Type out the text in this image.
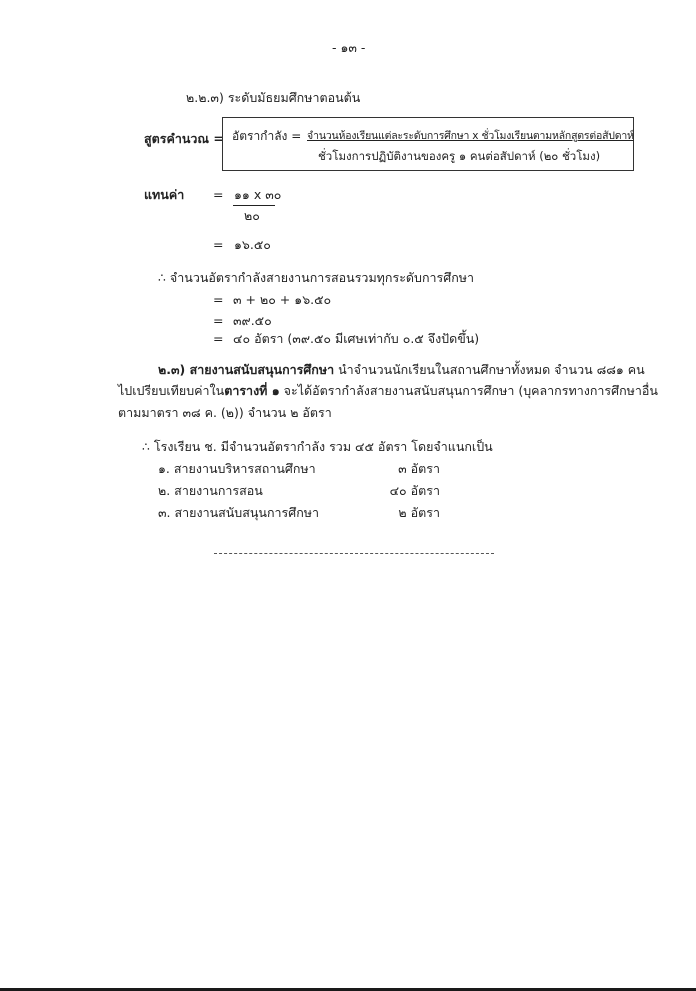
- ๑๓ -
๒.๒.๓) ระดับมัธยมศึกษาตอนต้น
สูตรคำนวณ = อัตรากำลัง = จำนวนห้องเรียนแต่ละระดับการศึกษา x ชั่วโมงเรียนตามหลักสูตรต่อสัปดาห์
ชั่วโมงการปฏิบัติงานของครู ๑ คนต่อสัปดาห์ (๒๐ ชั่วโมง)
แทนค่า = ๑๑ x ๓๐
๒๐
= ๑๖.๕๐
∴ จำนวนอัตรากำลังสายงานการสอนรวมทุกระดับการศึกษา
= ๓ + ๒๐ + ๑๖.๕๐
= ๓๙.๕๐
= ๔๐ อัตรา (๓๙.๕๐ มีเศษเท่ากับ ๐.๕ จึงปัดขึ้น)
๒.๓) สายงานสนับสนุนการศึกษา นำจำนวนนักเรียนในสถานศึกษาทั้งหมด จำนวน ๘๘๑ คน
ไปเปรียบเทียบค่าในตารางที่ ๑ จะได้อัตรากำลังสายงานสนับสนุนการศึกษา (บุคลากรทางการศึกษาอื่น
ตามมาตรา ๓๘ ค. (๒)) จำนวน ๒ อัตรา
∴ โรงเรียน ช. มีจำนวนอัตรากำลัง รวม ๔๕ อัตรา โดยจำแนกเป็น
๑. สายงานบริหารสถานศึกษา	๓ อัตรา
๒. สายงานการสอน	๔๐ อัตรา
๓. สายงานสนับสนุนการศึกษา	๒ อัตรา
